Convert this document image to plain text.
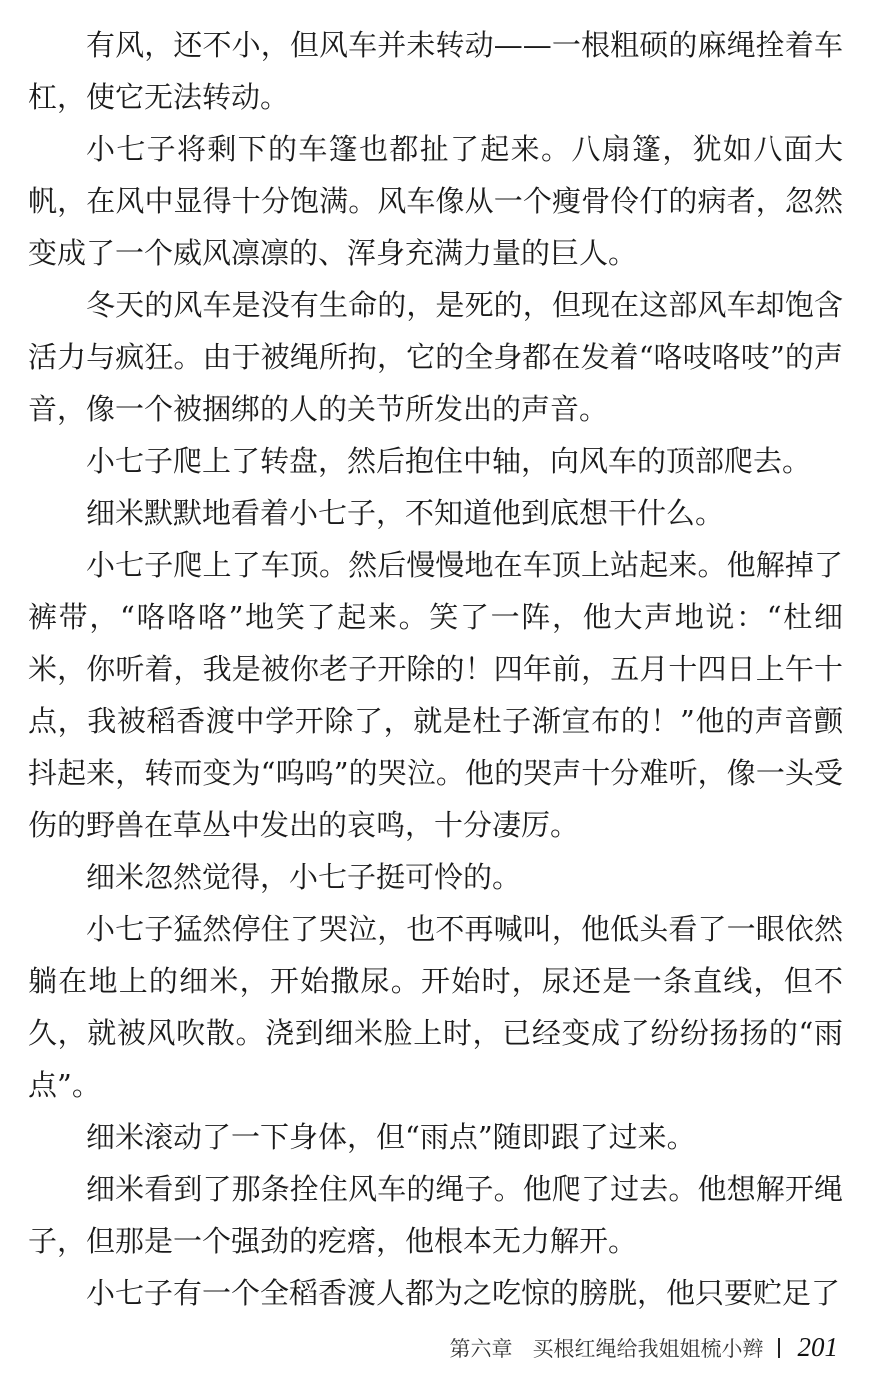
有风，还不小，但风车并未转动——一根粗硕的麻绳拴着车杠，使它无法转动。

小七子将剩下的车篷也都扯了起来。八扇篷，犹如八面大帆，在风中显得十分饱满。风车像从一个瘦骨伶仃的病者，忽然变成了一个威风凛凛的、浑身充满力量的巨人。

冬天的风车是没有生命的，是死的，但现在这部风车却饱含活力与疯狂。由于被绳所拘，它的全身都在发着“咯吱咯吱”的声音，像一个被捆绑的人的关节所发出的声音。

小七子爬上了转盘，然后抱住中轴，向风车的顶部爬去。

细米默默地看着小七子，不知道他到底想干什么。

小七子爬上了车顶。然后慢慢地在车顶上站起来。他解掉了裤带，“咯咯咯”地笑了起来。笑了一阵，他大声地说：“杜细米，你听着，我是被你老子开除的！四年前，五月十四日上午十点，我被稻香渡中学开除了，就是杜子渐宣布的！”他的声音颤抖起来，转而变为“呜呜”的哭泣。他的哭声十分难听，像一头受伤的野兽在草丛中发出的哀鸣，十分凄厉。

细米忽然觉得，小七子挺可怜的。

小七子猛然停住了哭泣，也不再喊叫，他低头看了一眼依然躺在地上的细米，开始撒尿。开始时，尿还是一条直线，但不久，就被风吹散。浇到细米脸上时，已经变成了纷纷扬扬的“雨点”。

细米滚动了一下身体，但“雨点”随即跟了过来。

细米看到了那条拴住风车的绳子。他爬了过去。他想解开绳子，但那是一个强劲的疙瘩，他根本无力解开。

小七子有一个全稻香渡人都为之吃惊的膀胱，他只要贮足了

第六章 买根红绳给我姐姐梳小辫 201
